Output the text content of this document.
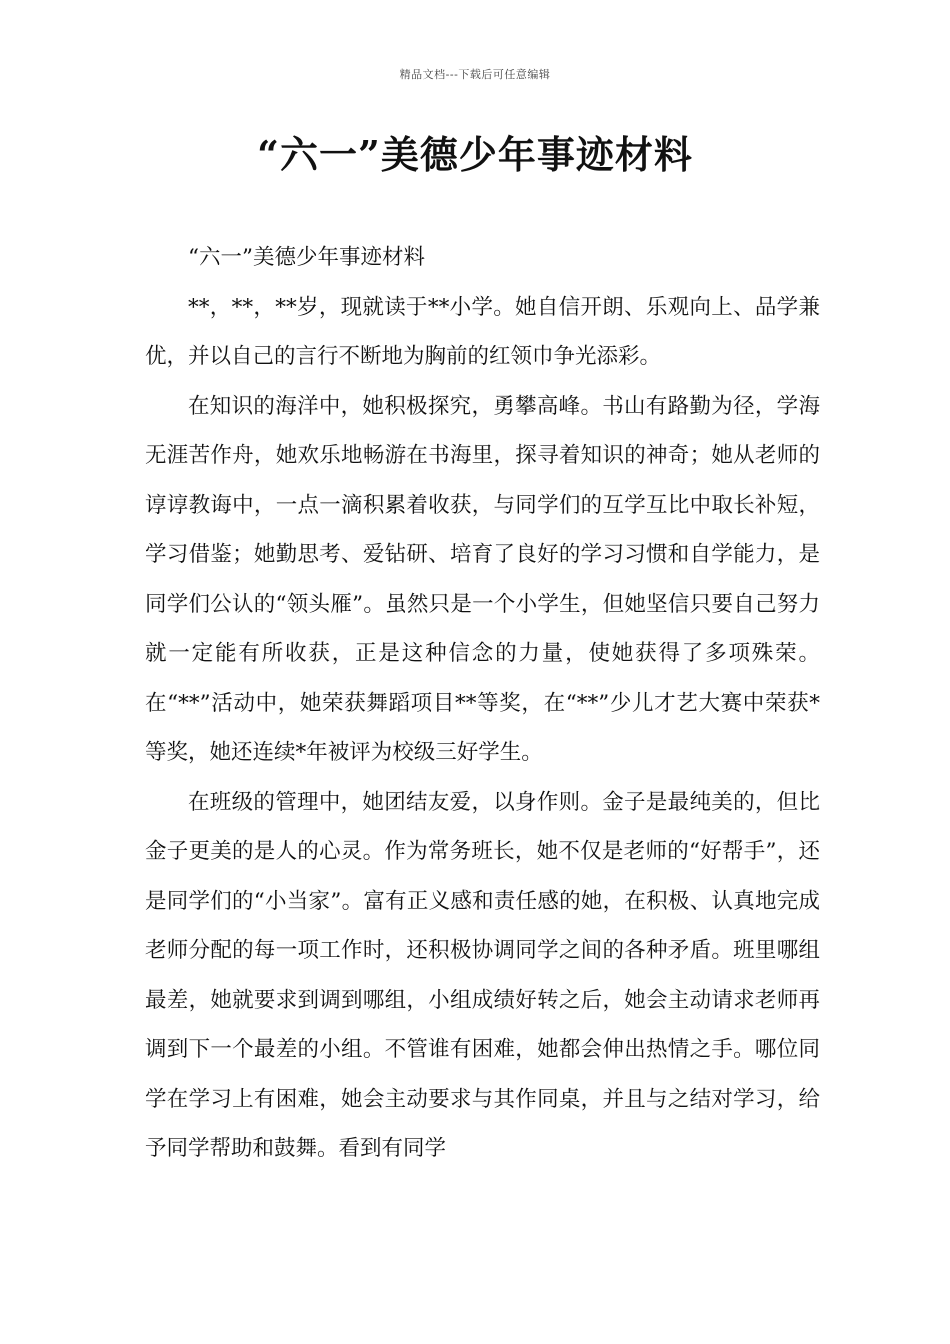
精品文档---下载后可任意编辑
“六一”美德少年事迹材料

“六一”美德少年事迹材料

**，**，**岁，现就读于**小学。她自信开朗、乐观向上、品学兼优，并以自己的言行不断地为胸前的红领巾争光添彩。

在知识的海洋中，她积极探究，勇攀高峰。书山有路勤为径，学海无涯苦作舟，她欢乐地畅游在书海里，探寻着知识的神奇；她从老师的谆谆教诲中，一点一滴积累着收获，与同学们的互学互比中取长补短，学习借鉴；她勤思考、爱钻研、培育了良好的学习习惯和自学能力，是同学们公认的“领头雁”。虽然只是一个小学生，但她坚信只要自己努力就一定能有所收获，正是这种信念的力量，使她获得了多项殊荣。在“**”活动中，她荣获舞蹈项目**等奖，在“**”少儿才艺大赛中荣获*等奖，她还连续*年被评为校级三好学生。

在班级的管理中，她团结友爱，以身作则。金子是最纯美的，但比金子更美的是人的心灵。作为常务班长，她不仅是老师的“好帮手”，还是同学们的“小当家”。富有正义感和责任感的她，在积极、认真地完成老师分配的每一项工作时，还积极协调同学之间的各种矛盾。班里哪组最差，她就要求到调到哪组，小组成绩好转之后，她会主动请求老师再调到下一个最差的小组。不管谁有困难，她都会伸出热情之手。哪位同学在学习上有困难，她会主动要求与其作同桌，并且与之结对学习，给予同学帮助和鼓舞。看到有同学
